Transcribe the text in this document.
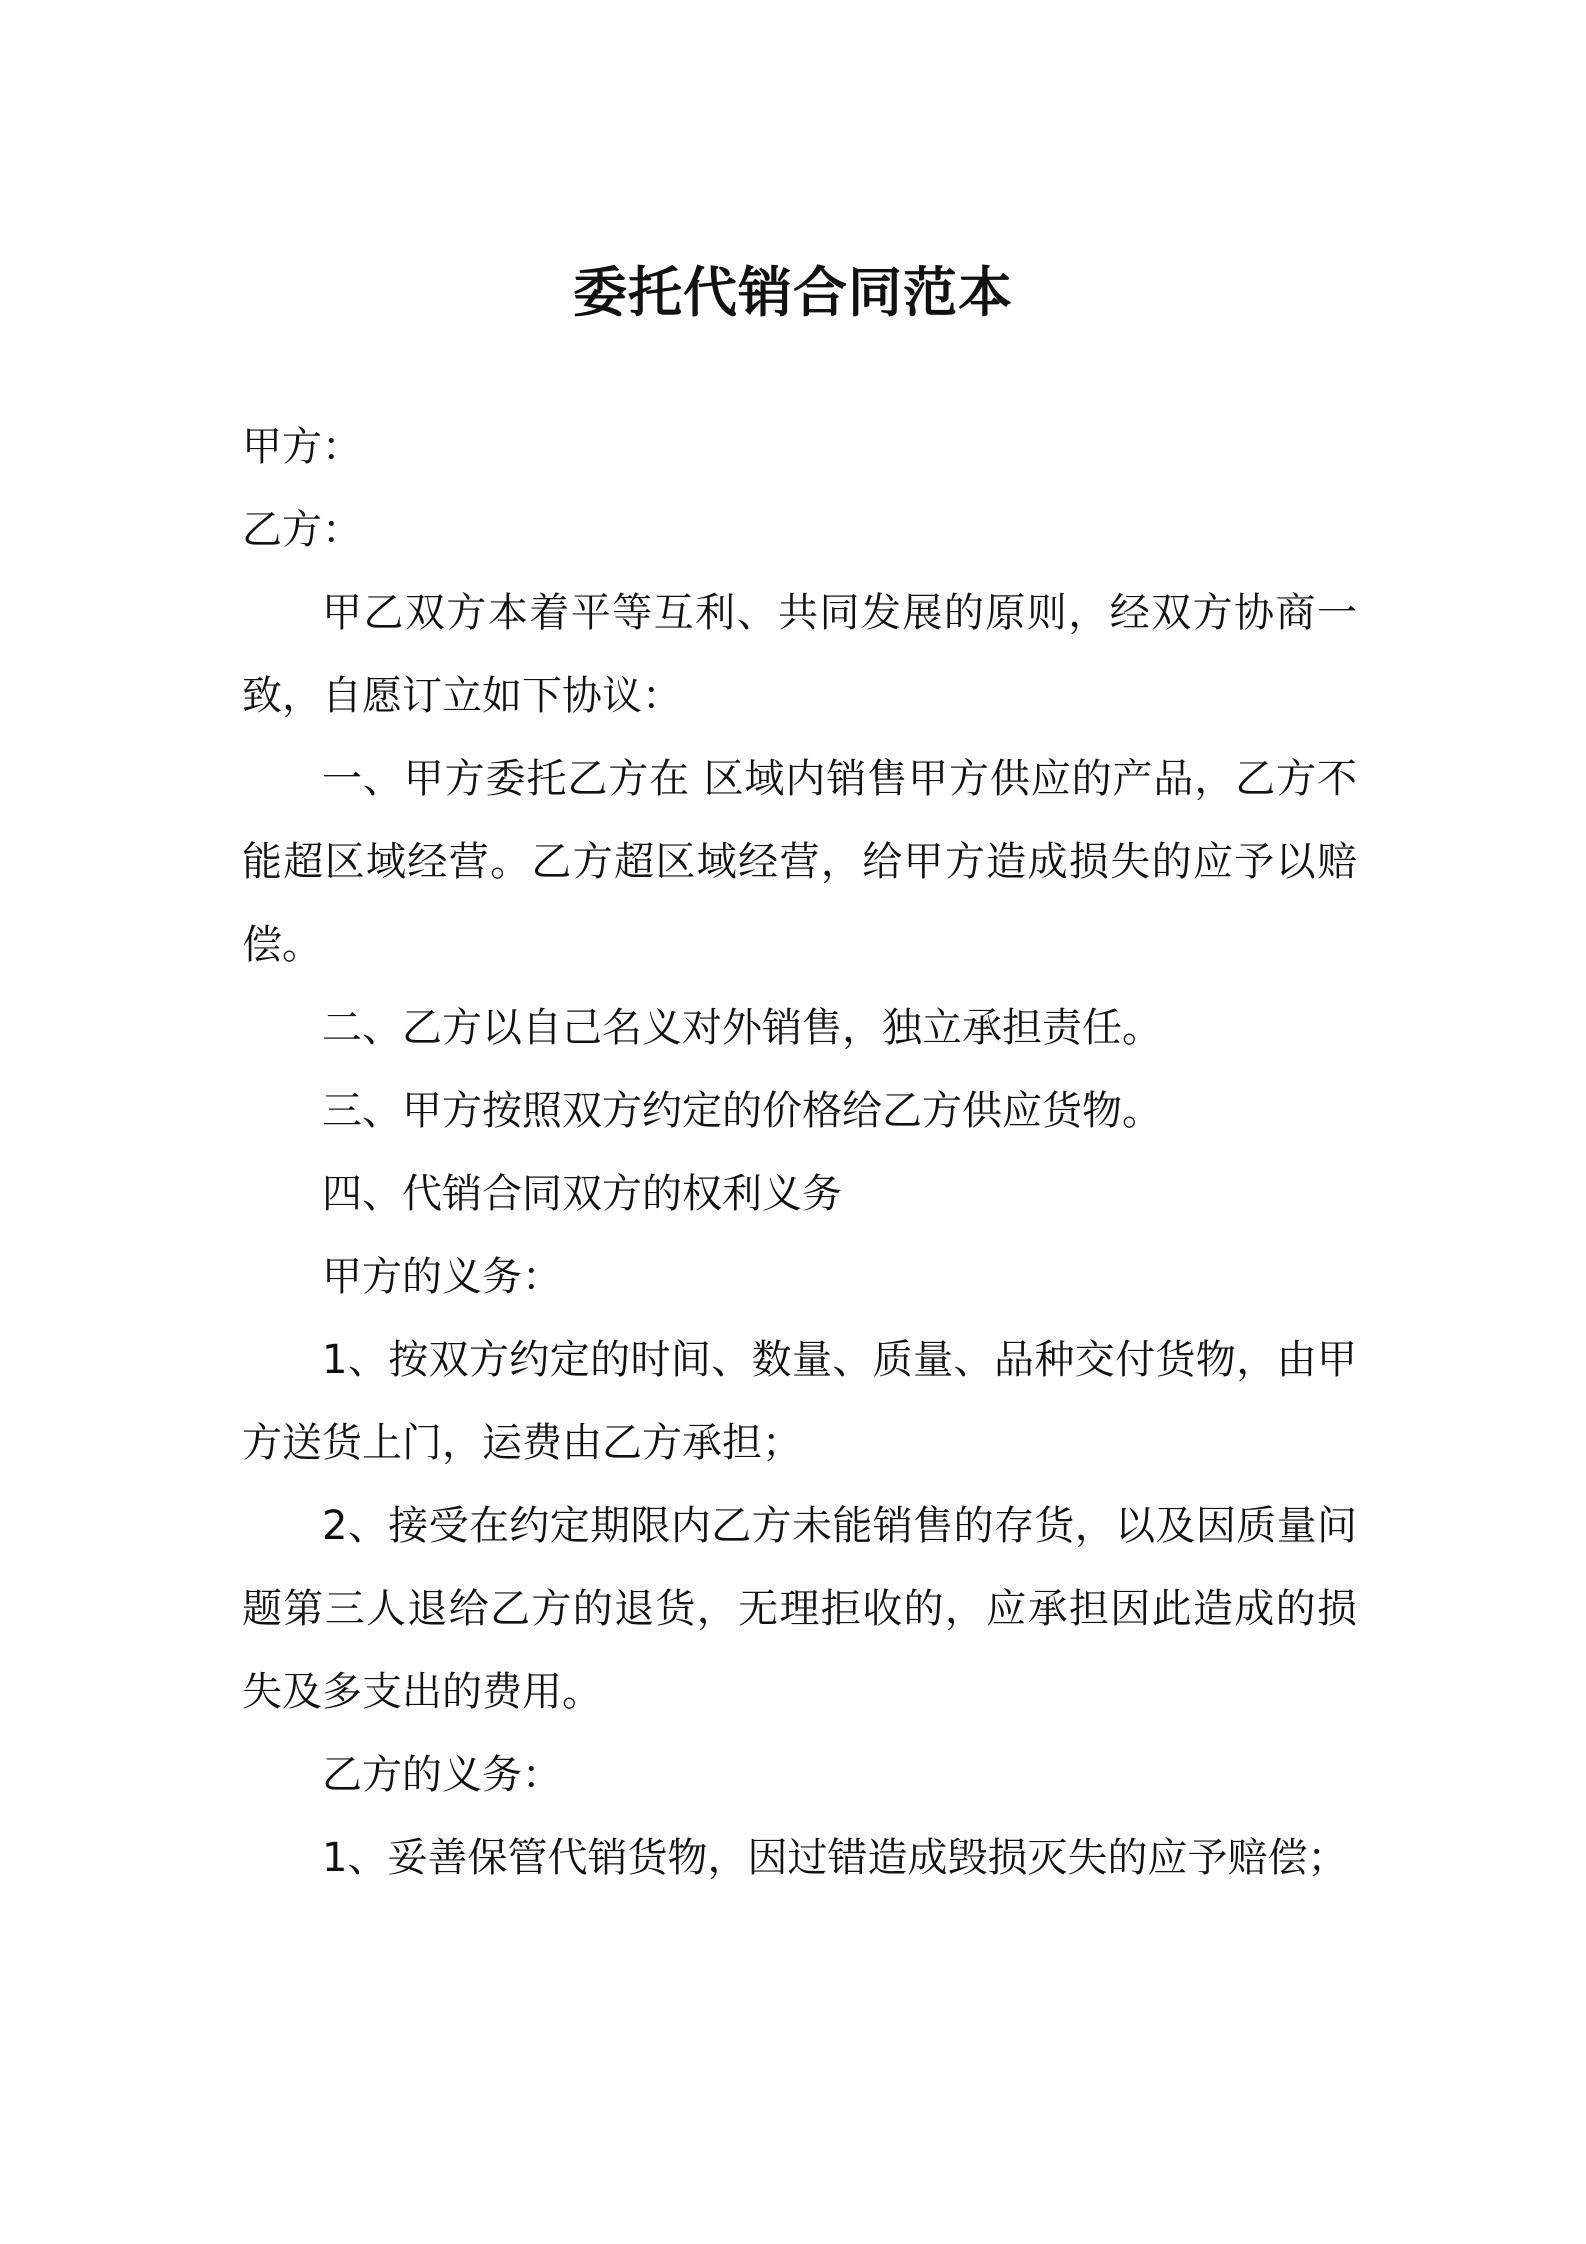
委托代销合同范本

甲方：

乙方：

甲乙双方本着平等互利、共同发展的原则，经双方协商一致，自愿订立如下协议：

一、甲方委托乙方在 区域内销售甲方供应的产品，乙方不能超区域经营。乙方超区域经营，给甲方造成损失的应予以赔偿。

二、乙方以自己名义对外销售，独立承担责任。

三、甲方按照双方约定的价格给乙方供应货物。

四、代销合同双方的权利义务

甲方的义务：

1、按双方约定的时间、数量、质量、品种交付货物，由甲方送货上门，运费由乙方承担；

2、接受在约定期限内乙方未能销售的存货，以及因质量问题第三人退给乙方的退货，无理拒收的，应承担因此造成的损失及多支出的费用。

乙方的义务：

1、妥善保管代销货物，因过错造成毁损灭失的应予赔偿；
